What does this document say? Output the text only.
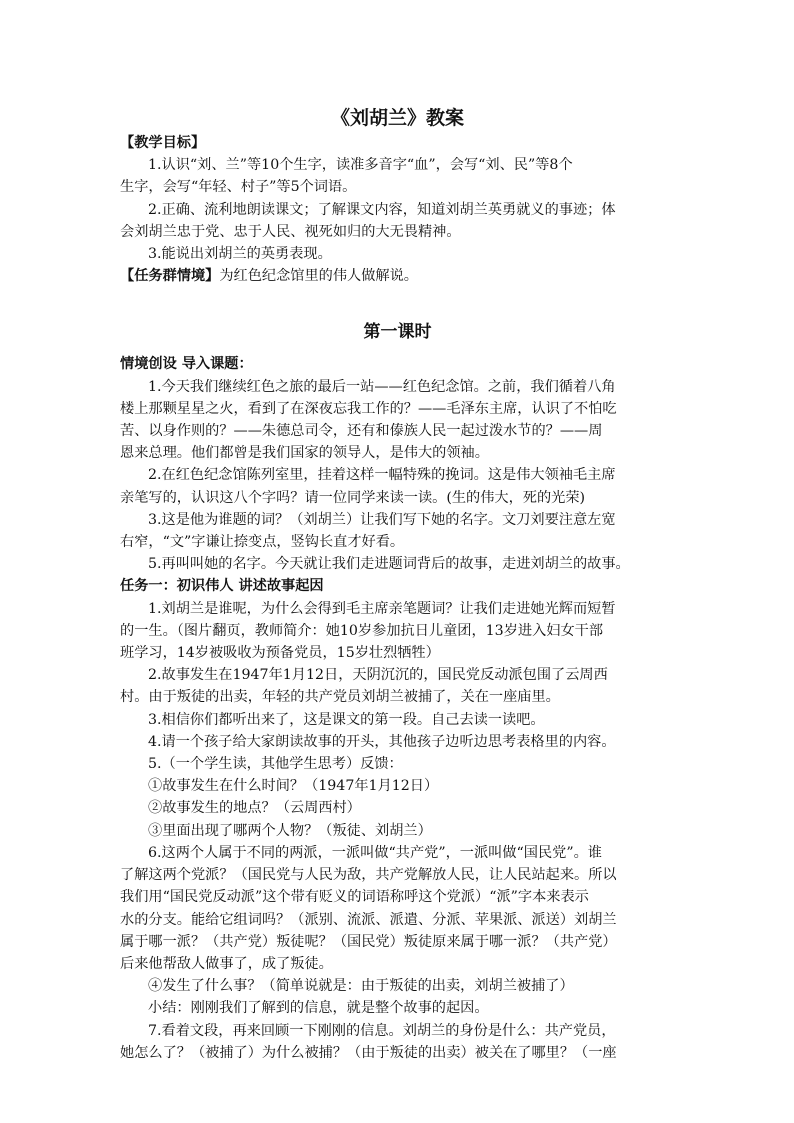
《刘胡兰》教案

【教学目标】

1.认识“刘、兰”等10个生字，读准多音字“血”，会写“刘、民”等8个

生字，会写“年轻、村子”等5个词语。

2.正确、流利地朗读课文；了解课文内容，知道刘胡兰英勇就义的事迹；体

会刘胡兰忠于党、忠于人民、视死如归的大无畏精神。

3.能说出刘胡兰的英勇表现。

【任务群情境】为红色纪念馆里的伟人做解说。

第一课时

情境创设 导入课题：

1.今天我们继续红色之旅的最后一站——红色纪念馆。之前，我们循着八角

楼上那颗星星之火，看到了在深夜忘我工作的？——毛泽东主席，认识了不怕吃

苦、以身作则的？——朱德总司令，还有和傣族人民一起过泼水节的？——周

恩来总理。他们都曾是我们国家的领导人，是伟大的领袖。

2.在红色纪念馆陈列室里，挂着这样一幅特殊的挽词。这是伟大领袖毛主席

亲笔写的，认识这八个字吗？请一位同学来读一读。(生的伟大，死的光荣)

3.这是他为谁题的词？（刘胡兰）让我们写下她的名字。文刀刘要注意左宽

右窄，“文”字谦让捺变点，竖钩长直才好看。

5.再叫叫她的名字。今天就让我们走进题词背后的故事，走进刘胡兰的故事。

任务一：初识伟人 讲述故事起因

1.刘胡兰是谁呢，为什么会得到毛主席亲笔题词？让我们走进她光辉而短暂

的一生。（图片翻页，教师简介：她10岁参加抗日儿童团，13岁进入妇女干部

班学习，14岁被吸收为预备党员，15岁壮烈牺牲）

2.故事发生在1947年1月12日，天阴沉沉的，国民党反动派包围了云周西

村。由于叛徒的出卖，年轻的共产党员刘胡兰被捕了，关在一座庙里。

3.相信你们都听出来了，这是课文的第一段。自己去读一读吧。

4.请一个孩子给大家朗读故事的开头，其他孩子边听边思考表格里的内容。

5.（一个学生读，其他学生思考）反馈：

①故事发生在什么时间？（1947年1月12日）

②故事发生的地点？（云周西村）

③里面出现了哪两个人物？（叛徒、刘胡兰）

6.这两个人属于不同的两派，一派叫做“共产党”，一派叫做“国民党”。谁

了解这两个党派？（国民党与人民为敌，共产党解放人民，让人民站起来。所以

我们用“国民党反动派”这个带有贬义的词语称呼这个党派）“派”字本来表示

水的分支。能给它组词吗？（派别、流派、派遣、分派、苹果派、派送）刘胡兰

属于哪一派？（共产党）叛徒呢？（国民党）叛徒原来属于哪一派？（共产党）

后来他帮敌人做事了，成了叛徒。

④发生了什么事？（简单说就是：由于叛徒的出卖，刘胡兰被捕了）

小结：刚刚我们了解到的信息，就是整个故事的起因。

7.看着文段，再来回顾一下刚刚的信息。刘胡兰的身份是什么：共产党员，

她怎么了？（被捕了）为什么被捕？（由于叛徒的出卖）被关在了哪里？（一座
